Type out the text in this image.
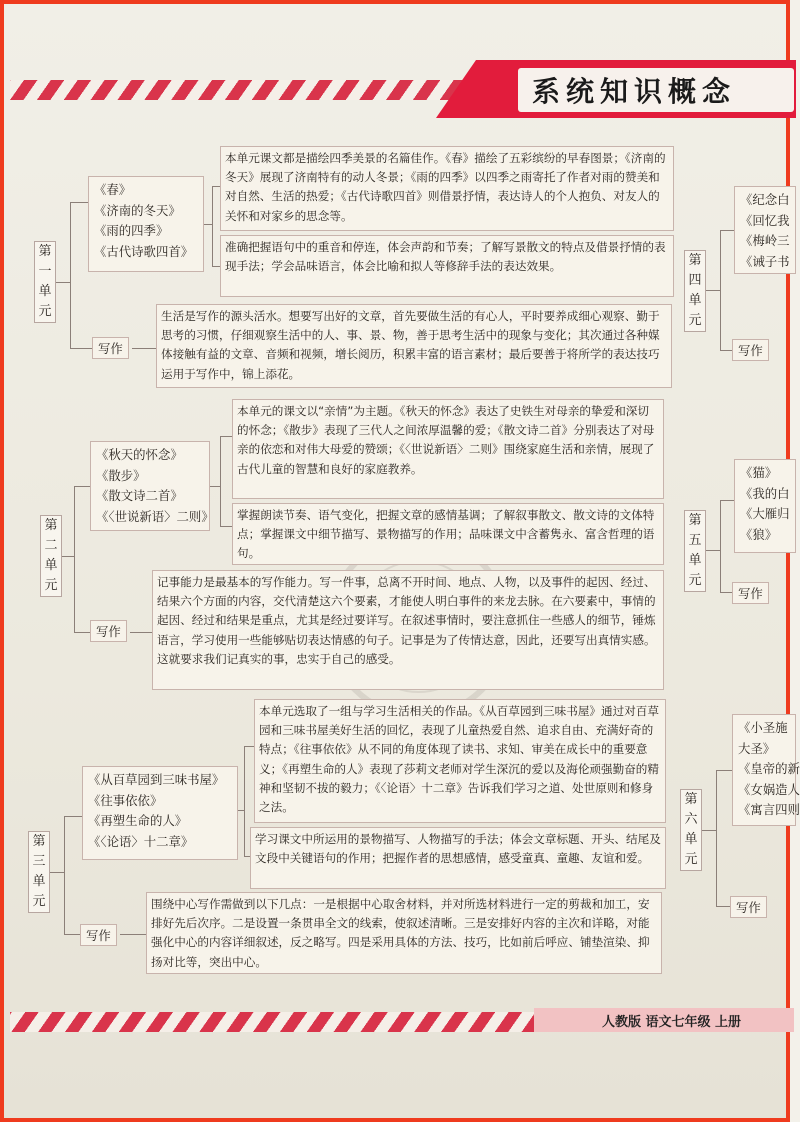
系统知识概念
第一单元
《春》
《济南的冬天》
《雨的四季》
《古代诗歌四首》
本单元课文都是描绘四季美景的名篇佳作。《春》描绘了五彩缤纷的早春图景；《济南的冬天》展现了济南特有的动人冬景；《雨的四季》以四季之雨寄托了作者对雨的赞美和对自然、生活的热爱；《古代诗歌四首》则借景抒情，表达诗人的个人抱负、对友人的关怀和对家乡的思念等。
准确把握语句中的重音和停连，体会声韵和节奏；了解写景散文的特点及借景抒情的表现手法；学会品味语言，体会比喻和拟人等修辞手法的表达效果。
写作
生活是写作的源头活水。想要写出好的文章，首先要做生活的有心人，平时要养成细心观察、勤于思考的习惯，仔细观察生活中的人、事、景、物，善于思考生活中的现象与变化；其次通过各种媒体接触有益的文章、音频和视频，增长阅历，积累丰富的语言素材；最后要善于将所学的表达技巧运用于写作中，锦上添花。
第二单元
《秋天的怀念》
《散步》
《散文诗二首》
《〈世说新语〉二则》
本单元的课文以“亲情”为主题。《秋天的怀念》表达了史铁生对母亲的挚爱和深切的怀念；《散步》表现了三代人之间浓厚温馨的爱；《散文诗二首》分别表达了对母亲的依恋和对伟大母爱的赞颂；《〈世说新语〉二则》围绕家庭生活和亲情，展现了古代儿童的智慧和良好的家庭教养。
掌握朗读节奏、语气变化，把握文章的感情基调；了解叙事散文、散文诗的文体特点；掌握课文中细节描写、景物描写的作用；品味课文中含蓄隽永、富含哲理的语句。
写作
记事能力是最基本的写作能力。写一件事，总离不开时间、地点、人物，以及事件的起因、经过、结果六个方面的内容，交代清楚这六个要素，才能使人明白事件的来龙去脉。在六要素中，事情的起因、经过和结果是重点，尤其是经过要详写。在叙述事情时，要注意抓住一些感人的细节，锤炼语言，学习使用一些能够贴切表达情感的句子。记事是为了传情达意，因此，还要写出真情实感。这就要求我们记真实的事，忠实于自己的感受。
第三单元
《从百草园到三味书屋》
《往事依依》
《再塑生命的人》
《〈论语〉十二章》
本单元选取了一组与学习生活相关的作品。《从百草园到三味书屋》通过对百草园和三味书屋美好生活的回忆，表现了儿童热爱自然、追求自由、充满好奇的特点；《往事依依》从不同的角度体现了读书、求知、审美在成长中的重要意义；《再塑生命的人》表现了莎莉文老师对学生深沉的爱以及海伦顽强勤奋的精神和坚韧不拔的毅力；《〈论语〉十二章》告诉我们学习之道、处世原则和修身之法。
学习课文中所运用的景物描写、人物描写的手法；体会文章标题、开头、结尾及文段中关键语句的作用；把握作者的思想感情，感受童真、童趣、友谊和爱。
写作
围绕中心写作需做到以下几点：一是根据中心取舍材料，并对所选材料进行一定的剪裁和加工，安排好先后次序。二是设置一条贯串全文的线索，使叙述清晰。三是安排好内容的主次和详略，对能强化中心的内容详细叙述，反之略写。四是采用具体的方法、技巧，比如前后呼应、铺垫渲染、抑扬对比等，突出中心。
第四单元
《纪念白
《回忆我
《梅岭三
《诫子书
写作
第五单元
《猫》
《我的白
《大雁归
《狼》
写作
第六单元
《小圣施
大圣》
《皇帝的新
《女娲造人
《寓言四则
写作
人教版 语文七年级 上册
